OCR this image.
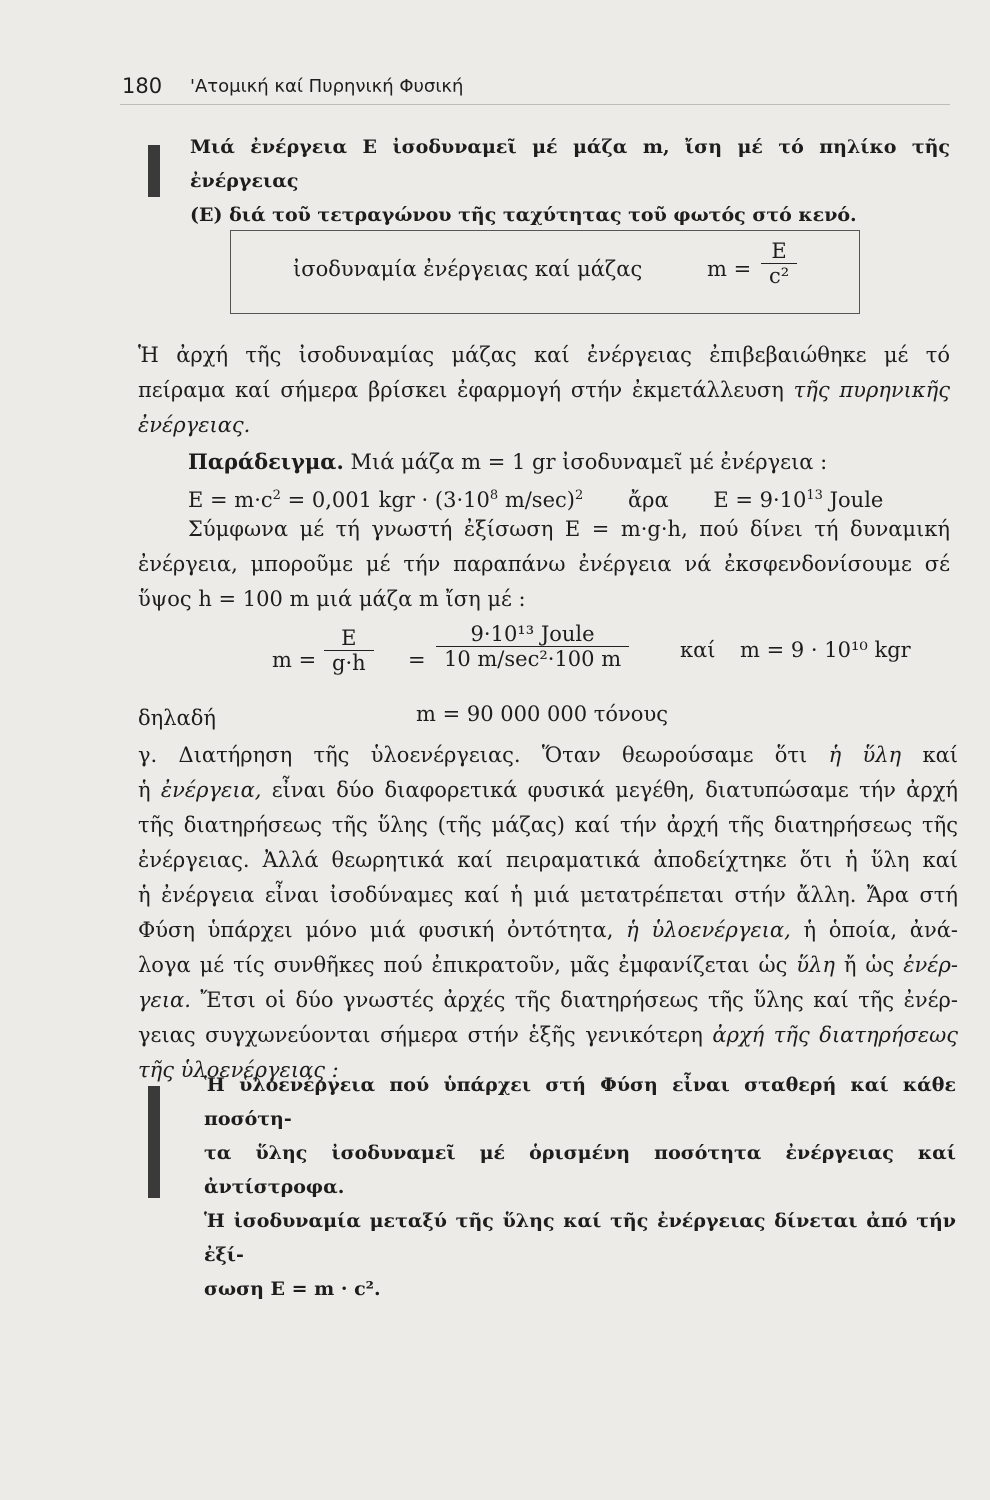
180 'Ατομική καί Πυρηνική Φυσική
Μιά ἐνέργεια Ε ἰσοδυναμεῖ μέ μάζα m, ἴση μέ τό πηλίκο τῆς ἐνέργειας
(Ε) διά τοῦ τετραγώνου τῆς ταχύτητας τοῦ φωτός στό κενό.
ἰσοδυναμία ἐνέργειας καί μάζας	$m = \frac{E}{\text{c²}}$

Ἡ ἀρχή τῆς ἰσοδυναμίας μάζας καί ἐνέργειας ἐπιβεβαιώθηκε μέ τό

πείραμα καί σήμερα βρίσκει ἐφαρμογή στήν ἐκμετάλλευση τῆς πυρηνικῆς

ἐνέργειας.

Παράδειγμα. Μιά μάζα m = 1 gr ἰσοδυναμεῖ μέ ἐνέργεια :
$E = m\cdot c^2 = 0,001$ kgr · ($3\cdot 10^8$ m/sec)$^2$ ἄρα $E = 9\cdot 10^{13}$ Joule

Σύμφωνα μέ τή γνωστή ἐξίσωση E = m·g·h, πού δίνει τή δυναμική

ἐνέργεια, μποροῦμε μέ τήν παραπάνω ἐνέργεια νά ἐκσφενδονίσουμε σέ

ὕψος h = 100 m μιά μάζα m ἴση μέ :

$m = \frac{E}{g\cdot h}$ =
9·10¹³ Joule
10 m/sec²·100 m	καί m = 9 · 10¹⁰ kgr
δηλαδή	m = 90 000 000 τόνους

γ. Διατήρηση τῆς ὑλοενέργειας. Ὅταν θεωρούσαμε ὅτι ἡ ὕλη καί

ἡ ἐνέργεια, εἶναι δύο διαφορετικά φυσικά μεγέθη, διατυπώσαμε τήν ἀρχή

τῆς διατηρήσεως τῆς ὕλης (τῆς μάζας) καί τήν ἀρχή τῆς διατηρήσεως τῆς

ἐνέργειας. Ἀλλά θεωρητικά καί πειραματικά ἀποδείχτηκε ὅτι ἡ ὕλη καί

ἡ ἐνέργεια εἶναι ἰσοδύναμες καί ἡ μιά μετατρέπεται στήν ἄλλη. Ἄρα στή

Φύση ὑπάρχει μόνο μιά φυσική ὀντότητα, ἡ ὑλοενέργεια, ἡ ὁποία, ἀνά-

λογα μέ τίς συνθῆκες πού ἐπικρατοῦν, μᾶς ἐμφανίζεται ὡς ὕλη ἤ ὡς ἐνέρ-

γεια. Ἔτσι οἱ δύο γνωστές ἀρχές τῆς διατηρήσεως τῆς ὕλης καί τῆς ἐνέρ-

γειας συγχωνεύονται σήμερα στήν ἑξῆς γενικότερη ἀρχή τῆς διατηρήσεως

τῆς ὑλοενέργειας :

Ἡ ὑλοενέργεια πού ὑπάρχει στή Φύση εἶναι σταθερή καί κάθε ποσότη-
τα ὕλης ἰσοδυναμεῖ μέ ὁρισμένη ποσότητα ἐνέργειας καί ἀντίστροφα.
Ἡ ἰσοδυναμία μεταξύ τῆς ὕλης καί τῆς ἐνέργειας δίνεται ἀπό τήν ἐξί-
σωση E = m · c².
